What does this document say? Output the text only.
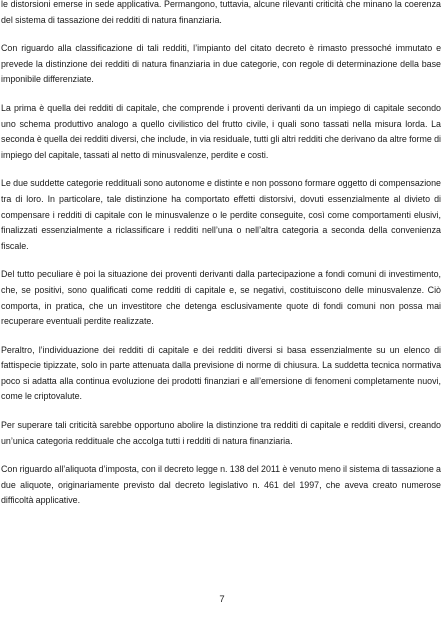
le distorsioni emerse in sede applicativa. Permangono, tuttavia, alcune rilevanti criticità che minano la coerenza del sistema di tassazione dei redditi di natura finanziaria.

Con riguardo alla classificazione di tali redditi, l’impianto del citato decreto è rimasto pressoché immutato e prevede la distinzione dei redditi di natura finanziaria in due categorie, con regole di determinazione della base imponibile differenziate.

La prima è quella dei redditi di capitale, che comprende i proventi derivanti da un impiego di capitale secondo uno schema produttivo analogo a quello civilistico del frutto civile, i quali sono tassati nella misura lorda. La seconda è quella dei redditi diversi, che include, in via residuale, tutti gli altri redditi che derivano da altre forme di impiego del capitale, tassati al netto di minusvalenze, perdite e costi.

Le due suddette categorie reddituali sono autonome e distinte e non possono formare oggetto di compensazione tra di loro. In particolare, tale distinzione ha comportato effetti distorsivi, dovuti essenzialmente al divieto di compensare i redditi di capitale con le minusvalenze o le perdite conseguite, così come comportamenti elusivi, finalizzati essenzialmente a riclassificare i redditi nell’una o nell’altra categoria a seconda della convenienza fiscale.

Del tutto peculiare è poi la situazione dei proventi derivanti dalla partecipazione a fondi comuni di investimento, che, se positivi, sono qualificati come redditi di capitale e, se negativi, costituiscono delle minusvalenze. Ciò comporta, in pratica, che un investitore che detenga esclusivamente quote di fondi comuni non possa mai recuperare eventuali perdite realizzate.

Peraltro, l’individuazione dei redditi di capitale e dei redditi diversi si basa essenzialmente su un elenco di fattispecie tipizzate, solo in parte attenuata dalla previsione di norme di chiusura. La suddetta tecnica normativa poco si adatta alla continua evoluzione dei prodotti finanziari e all’emersione di fenomeni completamente nuovi, come le criptovalute.

Per superare tali criticità sarebbe opportuno abolire la distinzione tra redditi di capitale e redditi diversi, creando un’unica categoria reddituale che accolga tutti i redditi di natura finanziaria.

Con riguardo all’aliquota d’imposta, con il decreto legge n. 138 del 2011 è venuto meno il sistema di tassazione a due aliquote, originariamente previsto dal decreto legislativo n. 461 del 1997, che aveva creato numerose difficoltà applicative.

7
